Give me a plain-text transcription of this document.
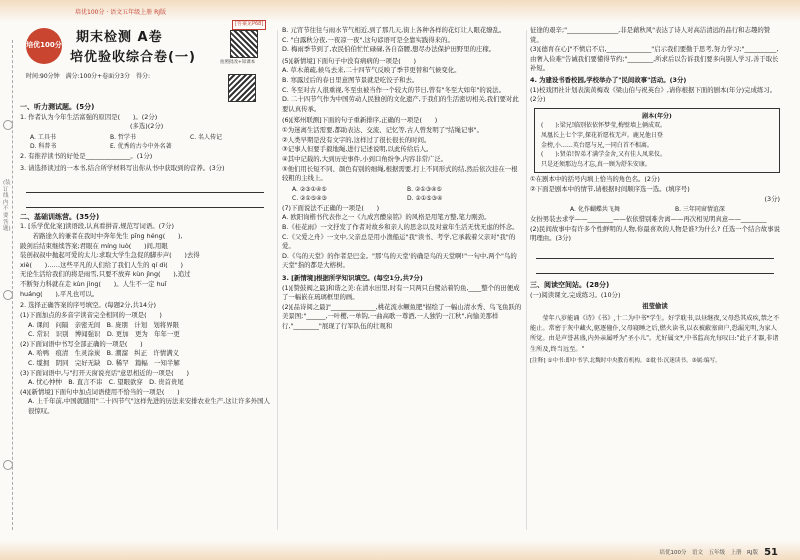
培优100分 · 语文五年级上册 RJ版
(装订线内不要答题)
[答案见P68]
培优100分
期末检测 A卷
培优验收综合卷(一)
时间:90分钟　满分:100分+卷面分3分　得分:
拍照批改+知课本

一、听力测试题。(5分)

1. 作者认为今年生活富强的原因是(　　)。(2分)

(多选)(2分)

A. 工具书	B. 哲学书	C. 名人传记
D. 科普书	E. 优秀的古今中外名著

2. 有推荐读书的好处是______________。(1分)

3. 请选择读过的一本书,结合所学材料写出你从书中获取到的营养。(3分)

二、基础训练营。(35分)

1. [乐学优化案]读语段,认真看拼音,规范写词语。(7分)

　　若路途久的兼者在我时中奔年先生 pīng héng(　　),

跛剑后结束继续答案;君眼在 míng luò(　　)间,用眼

装创叔叔中抛起可爱的太儿:求取大学生急促的脚步声(　　)去得

xiè(　　)……这些平凡的人们给了我们人生的 qí dì(　　)

无论生活给我们的将是雨雪,只要不放弃 kùn jìng(　　),追过

不断努力科就在走 kùn jìng(　　)。人生不一定 huǐ

huáng(　　),平凡也可以。

2. 选择正确答案的序号填空。(每题2分,共14分)

(1)下面加点的多音字读音完全相同的一项是(　　)

A. 课间　问隔　亲密无间　B. 庞朋　计划　划将界限

C. 常识　识别　博闻强识　D. 更加　更为　年年一更

(2)下面词语中书写全部正确的一项是(　　)

A. 哈鸭　痕清　生灵涂炭　B. 潮溜　纠正　许情满义

C. 缆拥　阴同　完好无缺　D. 稀罕　篇幅　一知半解

(3)下面词语中,与"打开天窗说亮话"意思相近的一项是(　　)

A. 忧心忡忡　B. 直言不讳　C. 望眼欲穿　D. 贵首贵尾

(4)[新情境]下面句中加点词语使用不恰当的一项是(　　)

A. 上千年前,中国就随用"二十四节气"这样先进的历法来安排农业生产,这让许多外国人很惊叹。

B. 元宵节往往与雨水节气相近,到了那几天,街上各种各样的花灯让人眼花缭乱。

C. "白露秋分夜,一夜凉一夜",这句谚语可是全靠实践得来的。

D. 梅雨季节到了,农民伯伯忙忙碌碌,各自奋腰,想尽办法保护田野里的庄稼。

(5)[新情境]下面句子中没有病病的一项是(　　)

A. 草木萧疏,候鸟去来,二十四节气反映了季节更替和气候变化。

B. 寒露过后的春日里意图节景就是吃饺子和去。

C. 冬至对古人很重视,冬至虫被当作一个较大的节日,曾有"冬至大如年"的说法。

D. 二十四节气作为中国劳动人民独创的文化遗产,于我们的生活密切相关,我们要对此要认真传承。

(6)[郑州联测]下面的句子重新排序,正确的一项是(　　)

①为迷离生活需要,都助表达、交流、记忆等,古人曾发明了"结绳记事"。

②人类早期是没有文字的,这样过了很长很长的时间。

③记事人但要手毅地绳,进行记述说明,以此传给后人。

④其中记载的,大到历史事件,小到口角纷争,内容非常广泛。

⑤他们用长短不同、颜色有别的细绳,根据需要,打上不同形式的结,然后依次挂在一根较粗的主线上。

A. ②③①④⑤	B. ②①③④⑤
C. ②①⑤④③	D. ②①⑤③④

(7)下面说法不正确的一项是(　　)

A. 欧阳询楷书代表作之一《九成宫醴泉铭》的风格是用笔方整,笔力刚劲。

B.《桂花雨》一文抒发了作者对故乡和亲人的思念以及对童年生活无忧无虑的怀念。

C.《父爱之舟》一文中,父亲总是用小渔船运"我"读书、考学,它承载着父亲对"我"的爱。

D.《鸟的天堂》的作者是巴金。"那'鸟的天堂'的确是鸟的天堂啊!"一句中,两个"鸟的天堂"指的都是大榕树。

3. [新情境]根据所学知识填空。(每空1分,共7分)

(1)[赞鼓阀之最]和谐之美:在清水田里,时有一只两只白鹭站着钓鱼,____整个的田便成了一幅嵌在琉璃框里的画。

(2)[品诗阅之最]"______________,桃花流水鳜鱼肥"描绘了一幅山清水秀、鸟飞鱼跃的美景图;"______,一叶樱,一单钩,一曲高歌一尊酒,一人独钓一江秋",向愉美那样行,"________"展现了行军队伍的壮观和

征途的艰辛;"________________,非是藉秋风"表达了诗人对高洁清远的品行和志趣的赞赏。

(3)[德育在心]"不愤启不启,______________"启示我们要勤于思考,努力学习;"__________,由奢入俭难"告诫我们要懂得节约;"________,所求后以告诉我们要多向别人学习,善于取长补短。

4. 为建设书香校园,学校举办了"民间故事"活动。(3分)

(1)校戏团社计划表演黄梅戏《梁山伯与祝英台》,请你根据下面的剧本(年分)完成练习。(2分)

剧本(年分)

(　　):梁兄!临别依依怀梦莹,梅壁墙上俩成双。

凤凰长上七个字,探花祈愿枝无声。鹿兄他日登

金榜,小……英台愿与兄,一同白首不相离。

(　　):贤弟!智弟才满学金舍,又有佳人凤来仪。

只是还须那边鸟才忘,真一顾为舒朱安康。

①在剧本中的括号内填上恰当的角色名。(2分)

②下面是剧本中的情节,请根据时间顺序选一选。(填序号)

(3分)

A. 化作蝴蝶共飞舞	B. 三年同窗情谊深

女扮男装去求学——________——依依惜别难舍离——再次相见明真意——________

(2)民间故事中有许多个性鲜明的人物,你最喜欢的人物是谁?为什么? 任选一个结合故事说明理由。(3分)

三、阅读空间站。(28分)

(一)阅读课文,完成练习。(10分)

祖莹偷读

　　莹年八岁能诵《诗》《书》,十二为中书*学生。好学耽书,以昼继夜,父母恐其成疾,禁之不能止。常密于灰中藏火,驱逐僮仆,父母寝睡之后,燃火读书,以衣被蔽塞窗户,恐漏光明,为家人所觉。由是声誉甚盛,内外亲属呼为"圣小儿"。尤好属文*,中书监高允每叹曰:"此子才器,非诸生所及,终当远至。"

[注释] ①中书:即中书学,北魏时中央教育机构。②耽书:沉迷读书。③属:编写。

培优100分　语文　五年级　上册　RJ版 51
